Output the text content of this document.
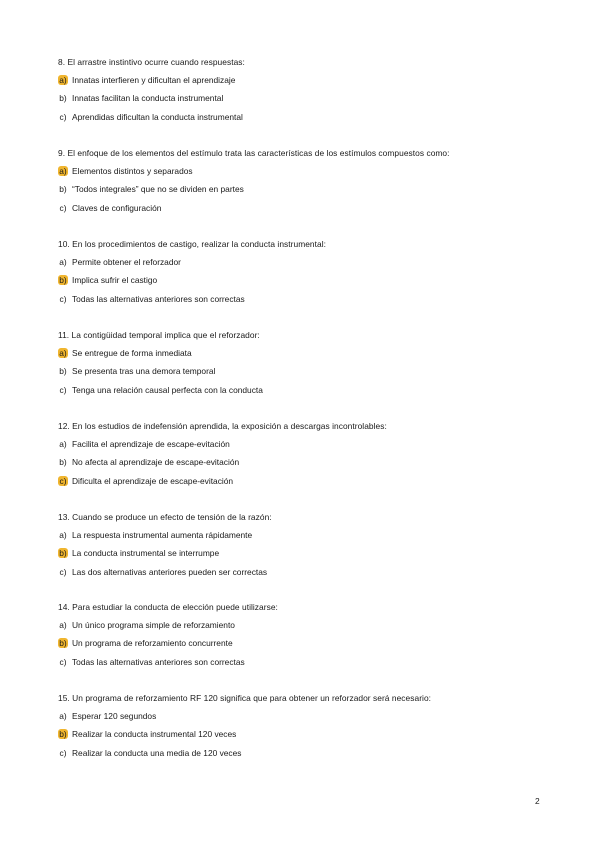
8. El arrastre instintivo ocurre cuando respuestas:
a) Innatas interfieren y dificultan el aprendizaje
b) Innatas facilitan la conducta instrumental
c) Aprendidas dificultan la conducta instrumental
9. El enfoque de los elementos del estímulo trata las características de los estímulos compuestos como:
a) Elementos distintos y separados
b) “Todos integrales” que no se dividen en partes
c) Claves de configuración
10. En los procedimientos de castigo, realizar la conducta instrumental:
a) Permite obtener el reforzador
b) Implica sufrir el castigo
c) Todas las alternativas anteriores son correctas
11. La contigüidad temporal implica que el reforzador:
a) Se entregue de forma inmediata
b) Se presenta tras una demora temporal
c) Tenga una relación causal perfecta con la conducta
12. En los estudios de indefensión aprendida, la exposición a descargas incontrolables:
a) Facilita el aprendizaje de escape-evitación
b) No afecta al aprendizaje de escape-evitación
c) Dificulta el aprendizaje de escape-evitación
13. Cuando se produce un efecto de tensión de la razón:
a) La respuesta instrumental aumenta rápidamente
b) La conducta instrumental se interrumpe
c) Las dos alternativas anteriores pueden ser correctas
14. Para estudiar la conducta de elección puede utilizarse:
a) Un único programa simple de reforzamiento
b) Un programa de reforzamiento concurrente
c) Todas las alternativas anteriores son correctas
15. Un programa de reforzamiento RF 120 significa que para obtener un reforzador será necesario:
a) Esperar 120 segundos
b) Realizar la conducta instrumental 120 veces
c) Realizar la conducta una media de 120 veces
2
